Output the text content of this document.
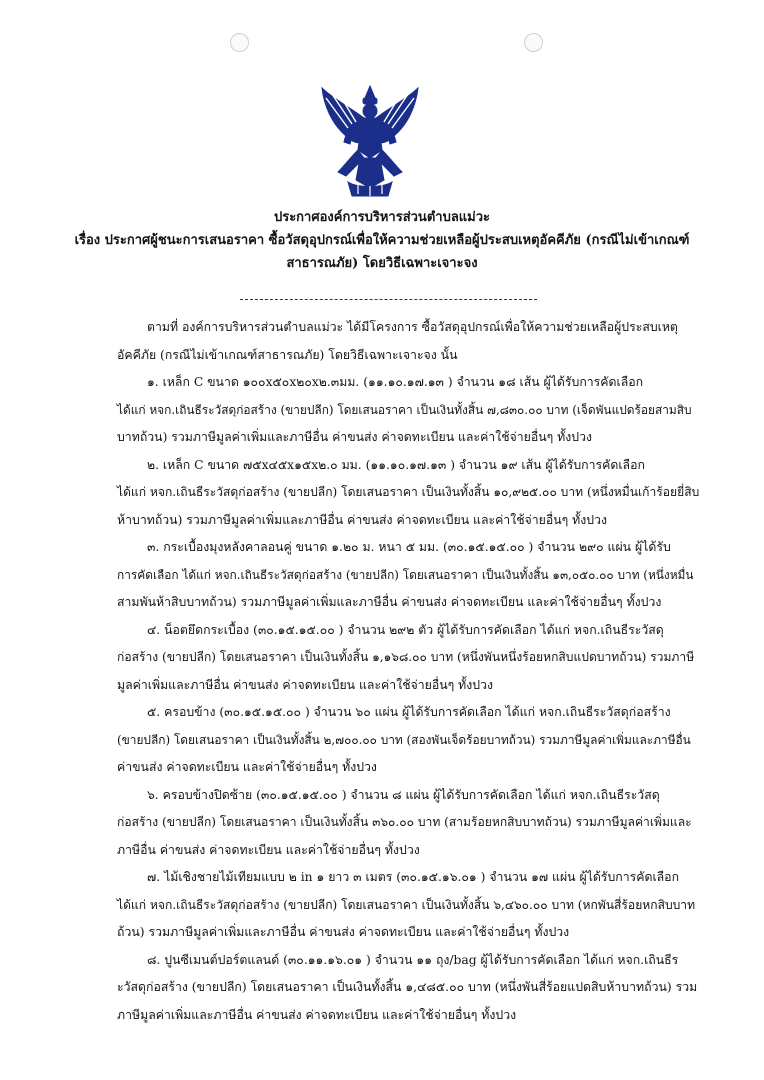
ประกาศองค์การบริหารส่วนตำบลแม่วะ
เรื่อง ประกาศผู้ชนะการเสนอราคา ซื้อวัสดุอุปกรณ์เพื่อให้ความช่วยเหลือผู้ประสบเหตุอัคคีภัย (กรณีไม่เข้าเกณฑ์
สาธารณภัย) โดยวิธีเฉพาะเจาะจง

ตามที่ องค์การบริหารส่วนตำบลแม่วะ ได้มีโครงการ ซื้อวัสดุอุปกรณ์เพื่อให้ความช่วยเหลือผู้ประสบเหตุ
อัคคีภัย (กรณีไม่เข้าเกณฑ์สาธารณภัย) โดยวิธีเฉพาะเจาะจง นั้น

๑. เหล็ก C ขนาด ๑๐๐x๕๐x๒๐x๒.๓มม. (๑๑.๑๐.๑๗.๑๓ ) จำนวน ๑๘ เส้น ผู้ได้รับการคัดเลือก
ได้แก่ หจก.เถินธีระวัสดุก่อสร้าง (ขายปลีก) โดยเสนอราคา เป็นเงินทั้งสิ้น ๗,๘๓๐.๐๐ บาท (เจ็ดพันแปดร้อยสามสิบ
บาทถ้วน) รวมภาษีมูลค่าเพิ่มและภาษีอื่น ค่าขนส่ง ค่าจดทะเบียน และค่าใช้จ่ายอื่นๆ ทั้งปวง

๒. เหล็ก C ขนาด ๗๕x๔๕x๑๕x๒.๐ มม. (๑๑.๑๐.๑๗.๑๓ ) จำนวน ๑๙ เส้น ผู้ได้รับการคัดเลือก
ได้แก่ หจก.เถินธีระวัสดุก่อสร้าง (ขายปลีก) โดยเสนอราคา เป็นเงินทั้งสิ้น ๑๐,๙๒๕.๐๐ บาท (หนึ่งหมื่นเก้าร้อยยี่สิบ
ห้าบาทถ้วน) รวมภาษีมูลค่าเพิ่มและภาษีอื่น ค่าขนส่ง ค่าจดทะเบียน และค่าใช้จ่ายอื่นๆ ทั้งปวง

๓. กระเบื้องมุงหลังคาลอนคู่ ขนาด ๑.๒๐ ม. หนา ๕ มม. (๓๐.๑๕.๑๕.๐๐ ) จำนวน ๒๙๐ แผ่น ผู้ได้รับ
การคัดเลือก ได้แก่ หจก.เถินธีระวัสดุก่อสร้าง (ขายปลีก) โดยเสนอราคา เป็นเงินทั้งสิ้น ๑๓,๐๕๐.๐๐ บาท (หนึ่งหมื่น
สามพันห้าสิบบาทถ้วน) รวมภาษีมูลค่าเพิ่มและภาษีอื่น ค่าขนส่ง ค่าจดทะเบียน และค่าใช้จ่ายอื่นๆ ทั้งปวง

๔. น็อตยึดกระเบื้อง (๓๐.๑๕.๑๕.๐๐ ) จำนวน ๒๙๒ ตัว ผู้ได้รับการคัดเลือก ได้แก่ หจก.เถินธีระวัสดุ
ก่อสร้าง (ขายปลีก) โดยเสนอราคา เป็นเงินทั้งสิ้น ๑,๑๖๘.๐๐ บาท (หนึ่งพันหนึ่งร้อยหกสิบแปดบาทถ้วน) รวมภาษี
มูลค่าเพิ่มและภาษีอื่น ค่าขนส่ง ค่าจดทะเบียน และค่าใช้จ่ายอื่นๆ ทั้งปวง

๕. ครอบข้าง (๓๐.๑๕.๑๕.๐๐ ) จำนวน ๖๐ แผ่น ผู้ได้รับการคัดเลือก ได้แก่ หจก.เถินธีระวัสดุก่อสร้าง
(ขายปลีก) โดยเสนอราคา เป็นเงินทั้งสิ้น ๒,๗๐๐.๐๐ บาท (สองพันเจ็ดร้อยบาทถ้วน) รวมภาษีมูลค่าเพิ่มและภาษีอื่น
ค่าขนส่ง ค่าจดทะเบียน และค่าใช้จ่ายอื่นๆ ทั้งปวง

๖. ครอบข้างปิดซ้าย (๓๐.๑๕.๑๕.๐๐ ) จำนวน ๘ แผ่น ผู้ได้รับการคัดเลือก ได้แก่ หจก.เถินธีระวัสดุ
ก่อสร้าง (ขายปลีก) โดยเสนอราคา เป็นเงินทั้งสิ้น ๓๖๐.๐๐ บาท (สามร้อยหกสิบบาทถ้วน) รวมภาษีมูลค่าเพิ่มและ
ภาษีอื่น ค่าขนส่ง ค่าจดทะเบียน และค่าใช้จ่ายอื่นๆ ทั้งปวง

๗. ไม้เชิงชายไม้เทียมแบบ ๒ in ๑ ยาว ๓ เมตร (๓๐.๑๕.๑๖.๐๑ ) จำนวน ๑๗ แผ่น ผู้ได้รับการคัดเลือก
ได้แก่ หจก.เถินธีระวัสดุก่อสร้าง (ขายปลีก) โดยเสนอราคา เป็นเงินทั้งสิ้น ๖,๔๖๐.๐๐ บาท (หกพันสี่ร้อยหกสิบบาท
ถ้วน) รวมภาษีมูลค่าเพิ่มและภาษีอื่น ค่าขนส่ง ค่าจดทะเบียน และค่าใช้จ่ายอื่นๆ ทั้งปวง

๘. ปูนซีเมนต์ปอร์ตแลนด์ (๓๐.๑๑.๑๖.๐๑ ) จำนวน ๑๑ ถุง/bag ผู้ได้รับการคัดเลือก ได้แก่ หจก.เถินธีร
ะวัสดุก่อสร้าง (ขายปลีก) โดยเสนอราคา เป็นเงินทั้งสิ้น ๑,๔๘๕.๐๐ บาท (หนึ่งพันสี่ร้อยแปดสิบห้าบาทถ้วน) รวม
ภาษีมูลค่าเพิ่มและภาษีอื่น ค่าขนส่ง ค่าจดทะเบียน และค่าใช้จ่ายอื่นๆ ทั้งปวง
